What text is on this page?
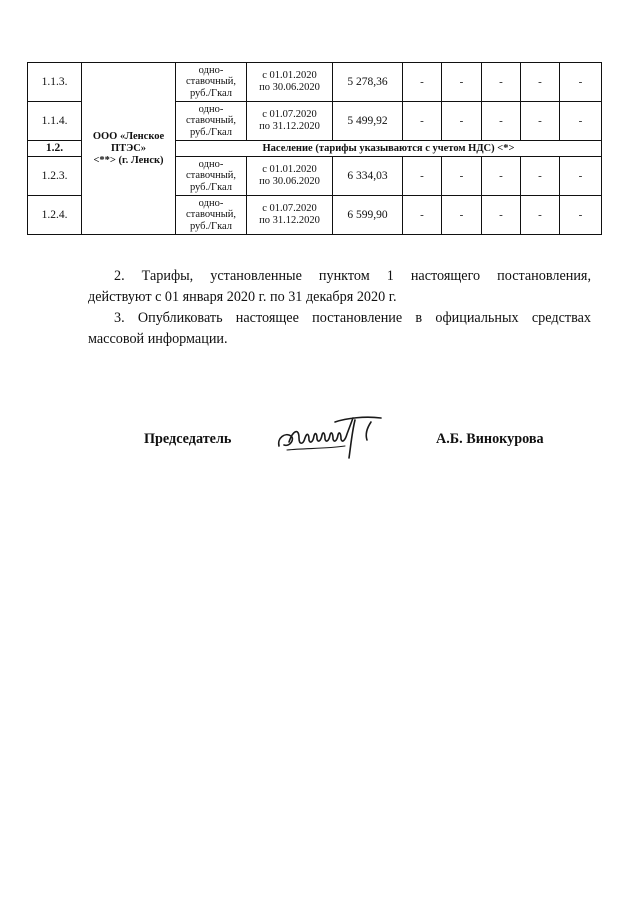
1.1.3.	ООО «Ленское
ПТЭС»
<**> (г. Ленск)	одно-
ставочный,
руб./Гкал	с 01.01.2020
по 30.06.2020	5 278,36	-	-	-	-	-
1.1.4.		одно-
ставочный,
руб./Гкал	с 01.07.2020
по 31.12.2020	5 499,92	-	-	-	-	-
1.2.		Население (тарифы указываются с учетом НДС) <*>							
1.2.3.		одно-
ставочный,
руб./Гкал	с 01.01.2020
по 30.06.2020	6 334,03	-	-	-	-	-
1.2.4.		одно-
ставочный,
руб./Гкал	с 01.07.2020
по 31.12.2020	6 599,90	-	-	-	-	-
2. Тарифы, установленные пунктом 1 настоящего постановления,
действуют с 01 января 2020 г. по 31 декабря 2020 г.
3. Опубликовать настоящее постановление в официальных средствах
массовой информации.
Председатель	А.Б. Винокурова
